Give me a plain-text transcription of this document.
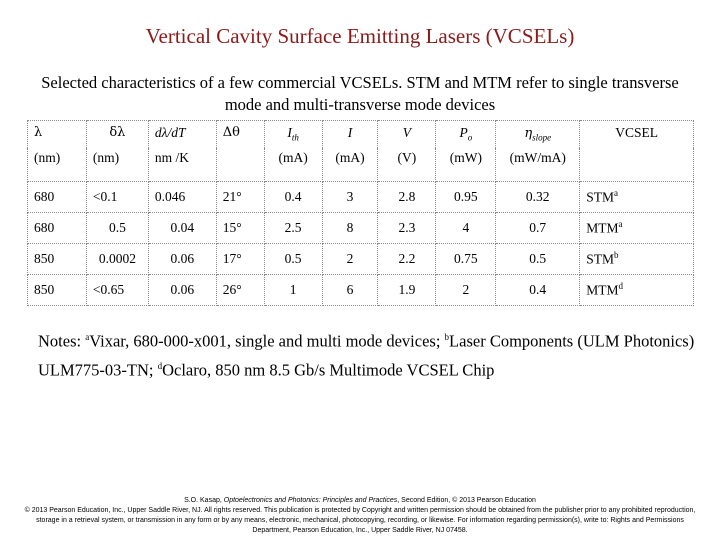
Vertical Cavity Surface Emitting Lasers (VCSELs)
Selected characteristics of a few commercial VCSELs. STM and MTM refer to single transverse mode and multi-transverse mode devices
λ	δλ	dλ/dT	Δθ	$I_{th}$	I	V	$P_o$	$\eta_{slope}$	VCSEL
(nm)	(nm)	nm /K		(mA)	(mA)	(V)	(mW)	(mW/mA)	
680	<0.1	0.046	21°	0.4	3	2.8	0.95	0.32	STM$^a$
680	0.5	0.04	15°	2.5	8	2.3	4	0.7	MTM$^a$
850	0.0002	0.06	17°	0.5	2	2.2	0.75	0.5	STM$^b$
850	<0.65	0.06	26°	1	6	1.9	2	0.4	MTM$^d$
Notes: $^a$Vixar, 680-000-x001, single and multi mode devices; $^b$Laser Components (ULM Photonics) ULM775-03-TN; $^d$Oclaro, 850 nm 8.5 Gb/s Multimode VCSEL Chip
S.O. Kasap, Optoelectronics and Photonics: Principles and Practices, Second Edition, © 2013 Pearson Education
© 2013 Pearson Education, Inc., Upper Saddle River, NJ. All rights reserved. This publication is protected by Copyright and written permission should be obtained from the publisher prior to any prohibited reproduction, storage in a retrieval system, or transmission in any form or by any means, electronic, mechanical, photocopying, recording, or likewise. For information regarding permission(s), write to: Rights and Permissions Department, Pearson Education, Inc., Upper Saddle River, NJ 07458.
